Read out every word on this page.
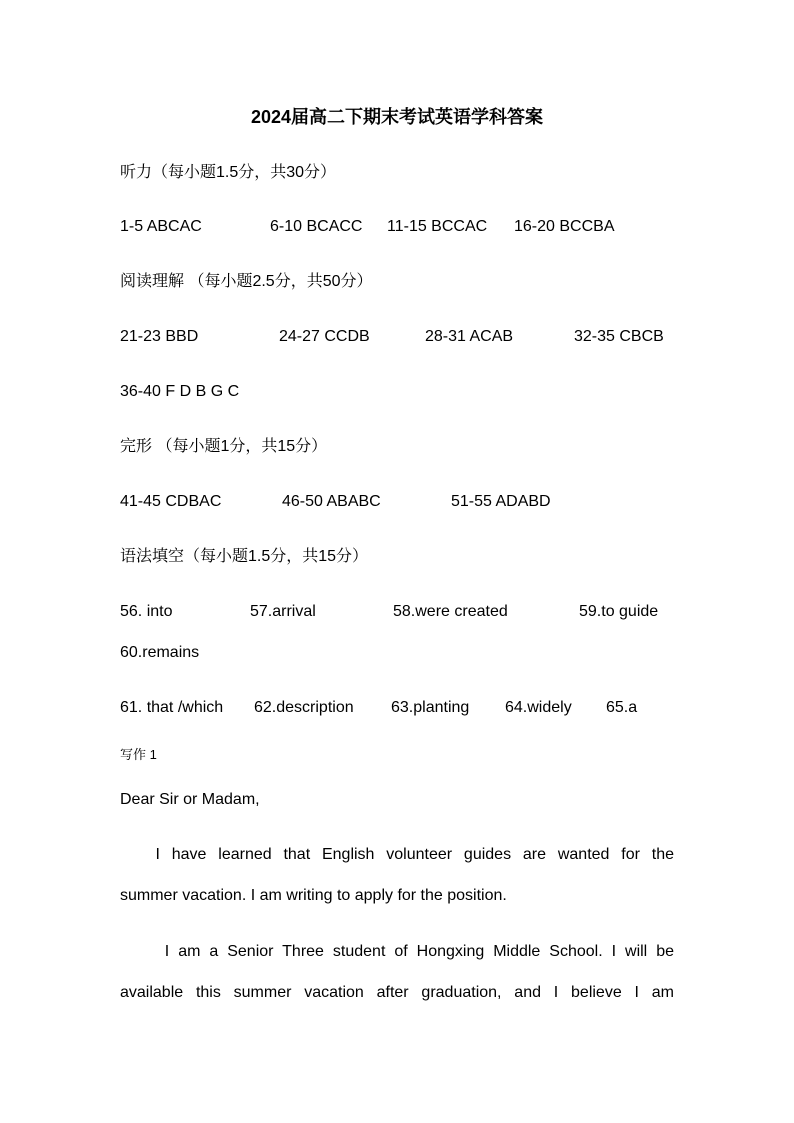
2024届高二下期末考试英语学科答案
听力（每小题1.5分，共30分）
1-5 ABCAC	6-10 BCACC 11-15 BCCAC 16-20 BCCBA
阅读理解 （每小题2.5分，共50分）
21-23 BBD	24-27 CCDB	28-31 ACAB	32-35 CBCB
36-40 F D B G C
完形 （每小题1分，共15分）
41-45 CDBAC	46-50 ABABC	51-55 ADABD
语法填空（每小题1.5分，共15分）
56. into	57.arrival	58.were created	59.to guide
60.remains
61. that /which 62.description 63.planting 64.widely 65.a
写作 1
Dear Sir or Madam,
I have learned that English volunteer guides are wanted for the
summer vacation. I am writing to apply for the position.
I am a Senior Three student of Hongxing Middle School. I will be
available this summer vacation after graduation, and I believe I am
